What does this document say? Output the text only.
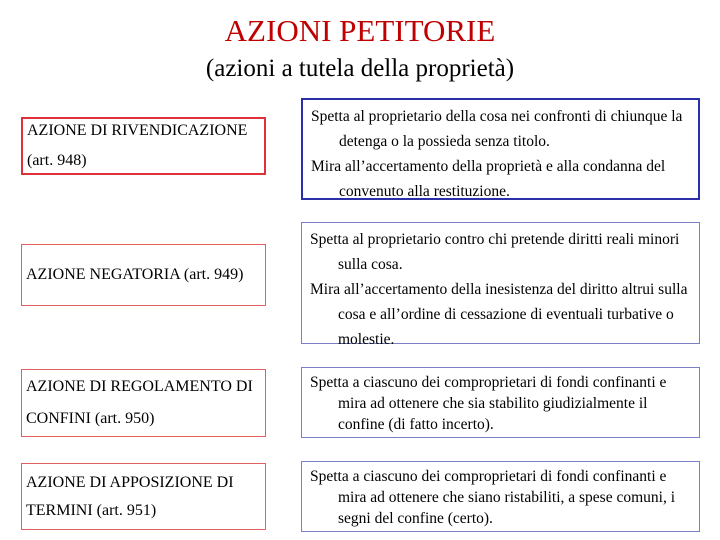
AZIONI PETITORIE
(azioni a tutela della proprietà)
AZIONE DI RIVENDICAZIONE (art. 948)

Spetta al proprietario della cosa nei confronti di chiunque la detenga o la possieda senza titolo.

Mira all’accertamento della proprietà e alla condanna del convenuto alla restituzione.

AZIONE NEGATORIA (art. 949)

Spetta al proprietario contro chi pretende diritti reali minori sulla cosa.

Mira all’accertamento della inesistenza del diritto altrui sulla cosa e all’ordine di cessazione di eventuali turbative o molestie.

AZIONE DI REGOLAMENTO DI CONFINI (art. 950)

Spetta a ciascuno dei comproprietari di fondi confinanti e mira ad ottenere che sia stabilito giudizialmente il confine (di fatto incerto).

AZIONE DI APPOSIZIONE DI TERMINI (art. 951)

Spetta a ciascuno dei comproprietari di fondi confinanti e mira ad ottenere che siano ristabiliti, a spese comuni, i segni del confine (certo).
